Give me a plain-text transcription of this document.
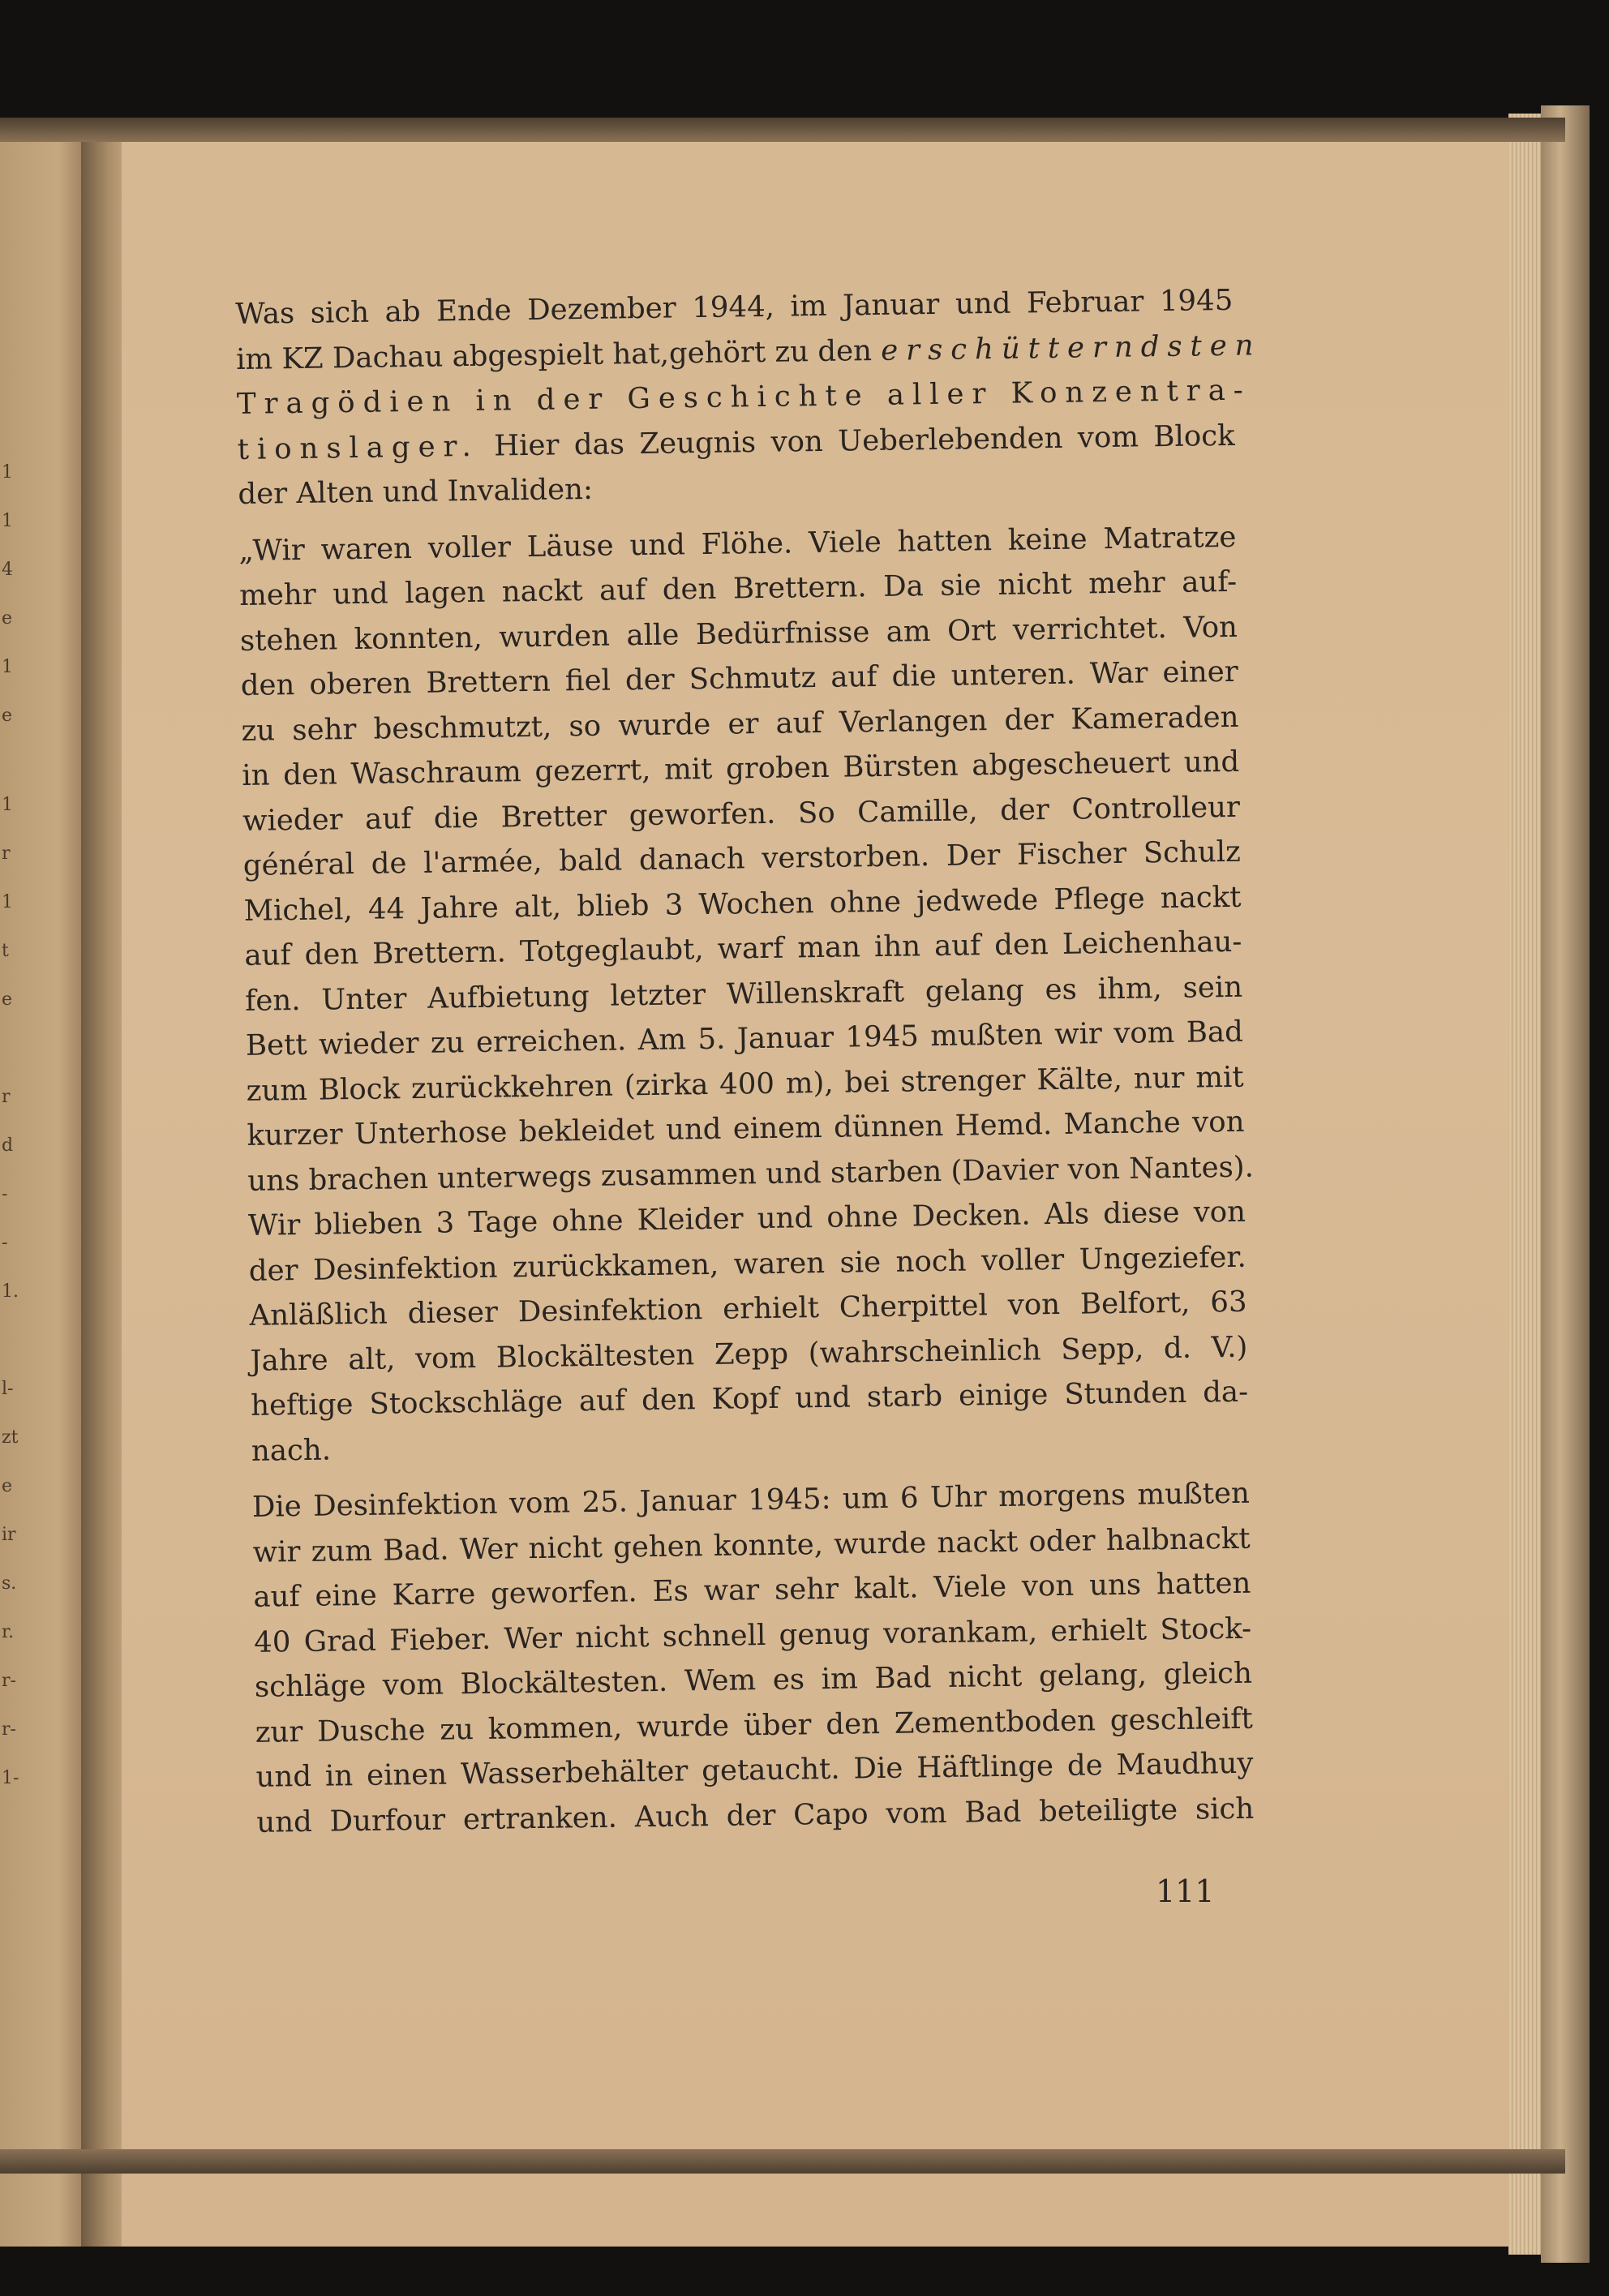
1
1
4
e
1
e
1
r
1
t
e
r
d
-
-
1.
l-
zt
e
ir
s.
r.
r-
r-
1-

Was sich ab Ende Dezember 1944, im Januar und Februar 1945
im KZ Dachau abgespielt hat,gehört zu den erschütterndsten
Tragödien in der Geschichte aller Konzentra-
tionslager. Hier das Zeugnis von Ueberlebenden vom Block
der Alten und Invaliden:

„Wir waren voller Läuse und Flöhe. Viele hatten keine Matratze
mehr und lagen nackt auf den Brettern. Da sie nicht mehr auf-
stehen konnten, wurden alle Bedürfnisse am Ort verrichtet. Von
den oberen Brettern fiel der Schmutz auf die unteren. War einer
zu sehr beschmutzt, so wurde er auf Verlangen der Kameraden
in den Waschraum gezerrt, mit groben Bürsten abgescheuert und
wieder auf die Bretter geworfen. So Camille, der Controlleur
général de l'armée, bald danach verstorben. Der Fischer Schulz
Michel, 44 Jahre alt, blieb 3 Wochen ohne jedwede Pflege nackt
auf den Brettern. Totgeglaubt, warf man ihn auf den Leichenhau-
fen. Unter Aufbietung letzter Willenskraft gelang es ihm, sein
Bett wieder zu erreichen. Am 5. Januar 1945 mußten wir vom Bad
zum Block zurückkehren (zirka 400 m), bei strenger Kälte, nur mit
kurzer Unterhose bekleidet und einem dünnen Hemd. Manche von
uns brachen unterwegs zusammen und starben (Davier von Nantes).
Wir blieben 3 Tage ohne Kleider und ohne Decken. Als diese von
der Desinfektion zurückkamen, waren sie noch voller Ungeziefer.
Anläßlich dieser Desinfektion erhielt Cherpittel von Belfort, 63
Jahre alt, vom Blockältesten Zepp (wahrscheinlich Sepp, d. V.)
heftige Stockschläge auf den Kopf und starb einige Stunden da-
nach.

Die Desinfektion vom 25. Januar 1945: um 6 Uhr morgens mußten
wir zum Bad. Wer nicht gehen konnte, wurde nackt oder halbnackt
auf eine Karre geworfen. Es war sehr kalt. Viele von uns hatten
40 Grad Fieber. Wer nicht schnell genug vorankam, erhielt Stock-
schläge vom Blockältesten. Wem es im Bad nicht gelang, gleich
zur Dusche zu kommen, wurde über den Zementboden geschleift
und in einen Wasserbehälter getaucht. Die Häftlinge de Maudhuy
und Durfour ertranken. Auch der Capo vom Bad beteiligte sich

111
